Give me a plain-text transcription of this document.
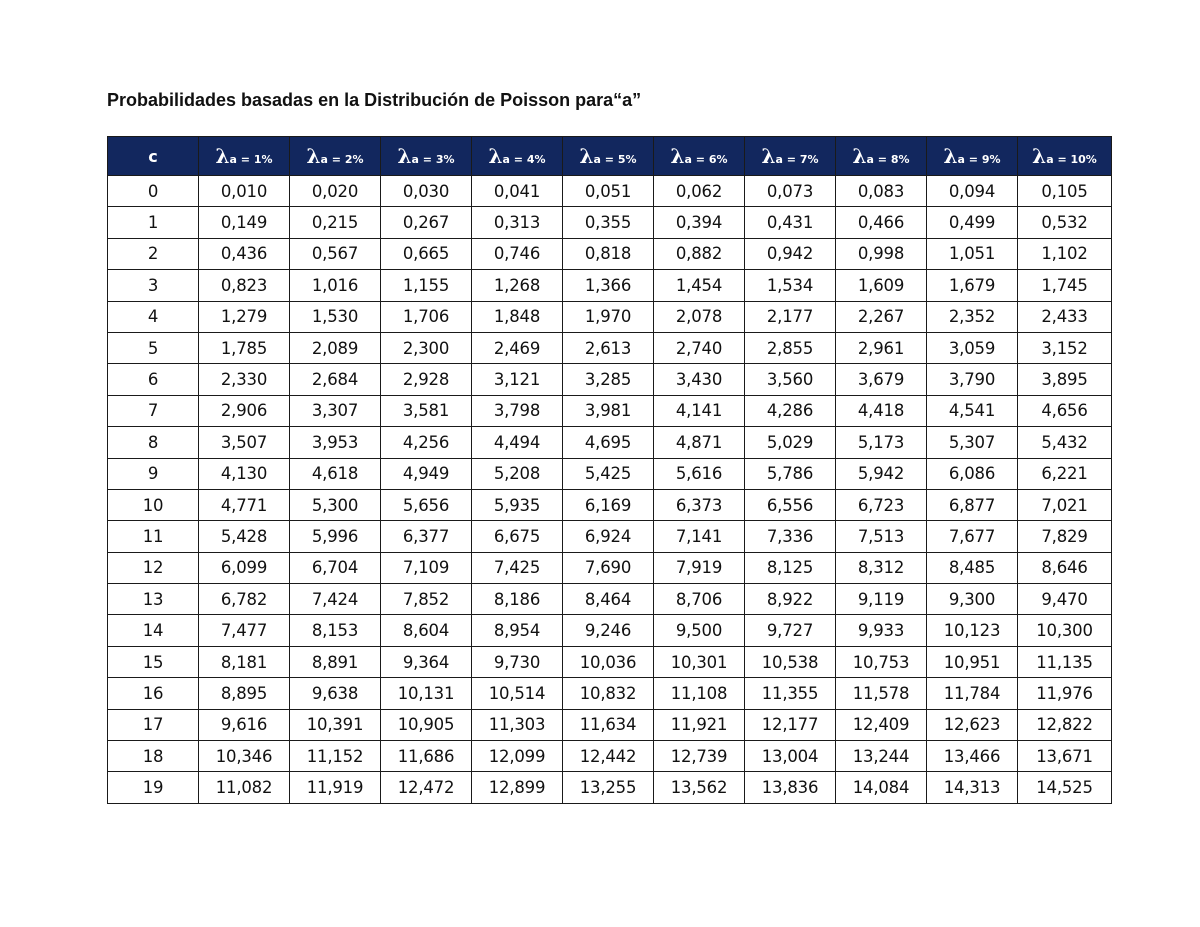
Probabilidades basadas en la Distribución de Poisson para“a”
c	λa = 1%	λa = 2%	λa = 3%	λa = 4%	λa = 5%	λa = 6%	λa = 7%	λa = 8%	λa = 9%	λa = 10%
0	0,010	0,020	0,030	0,041	0,051	0,062	0,073	0,083	0,094	0,105
1	0,149	0,215	0,267	0,313	0,355	0,394	0,431	0,466	0,499	0,532
2	0,436	0,567	0,665	0,746	0,818	0,882	0,942	0,998	1,051	1,102
3	0,823	1,016	1,155	1,268	1,366	1,454	1,534	1,609	1,679	1,745
4	1,279	1,530	1,706	1,848	1,970	2,078	2,177	2,267	2,352	2,433
5	1,785	2,089	2,300	2,469	2,613	2,740	2,855	2,961	3,059	3,152
6	2,330	2,684	2,928	3,121	3,285	3,430	3,560	3,679	3,790	3,895
7	2,906	3,307	3,581	3,798	3,981	4,141	4,286	4,418	4,541	4,656
8	3,507	3,953	4,256	4,494	4,695	4,871	5,029	5,173	5,307	5,432
9	4,130	4,618	4,949	5,208	5,425	5,616	5,786	5,942	6,086	6,221
10	4,771	5,300	5,656	5,935	6,169	6,373	6,556	6,723	6,877	7,021
11	5,428	5,996	6,377	6,675	6,924	7,141	7,336	7,513	7,677	7,829
12	6,099	6,704	7,109	7,425	7,690	7,919	8,125	8,312	8,485	8,646
13	6,782	7,424	7,852	8,186	8,464	8,706	8,922	9,119	9,300	9,470
14	7,477	8,153	8,604	8,954	9,246	9,500	9,727	9,933	10,123	10,300
15	8,181	8,891	9,364	9,730	10,036	10,301	10,538	10,753	10,951	11,135
16	8,895	9,638	10,131	10,514	10,832	11,108	11,355	11,578	11,784	11,976
17	9,616	10,391	10,905	11,303	11,634	11,921	12,177	12,409	12,623	12,822
18	10,346	11,152	11,686	12,099	12,442	12,739	13,004	13,244	13,466	13,671
19	11,082	11,919	12,472	12,899	13,255	13,562	13,836	14,084	14,313	14,525
